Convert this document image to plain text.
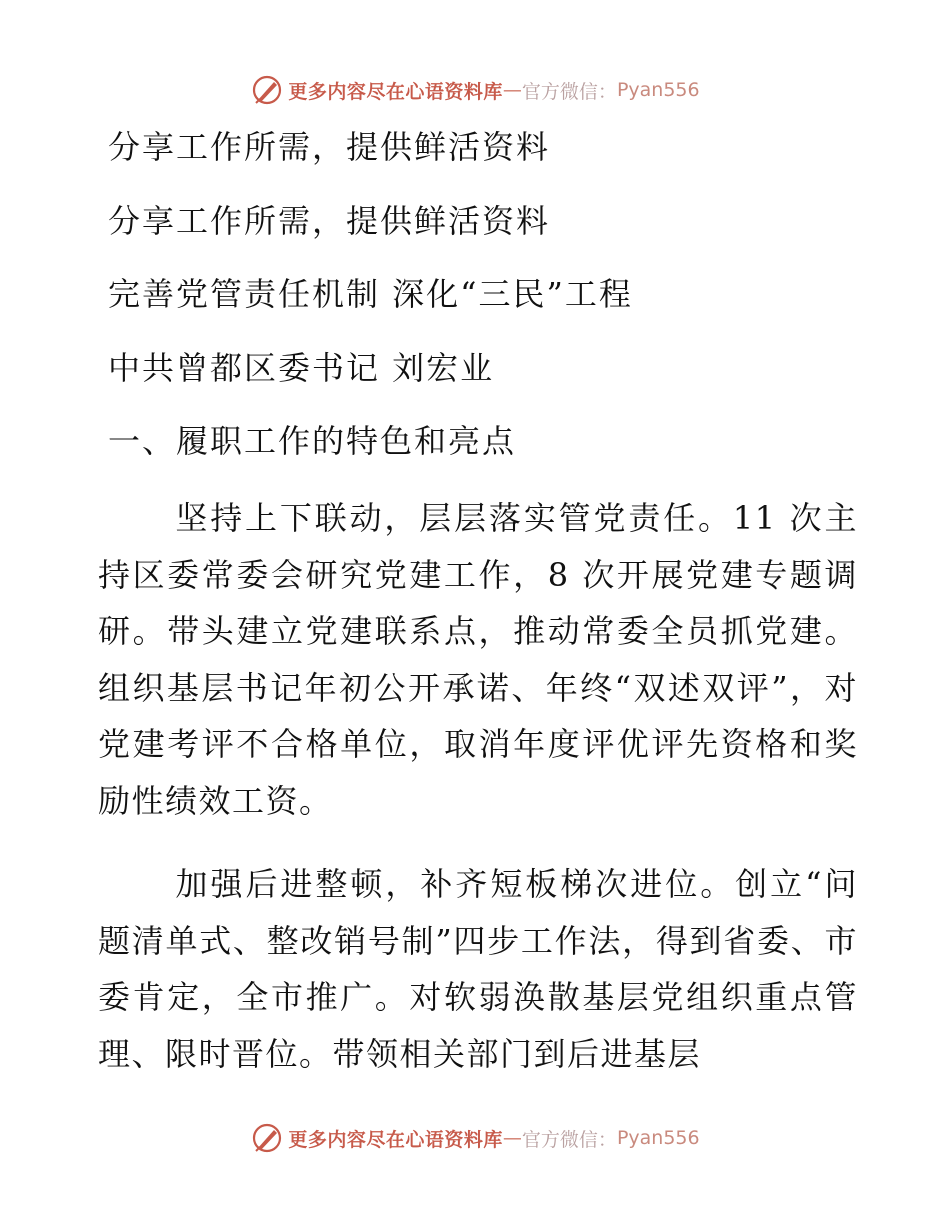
更多内容尽在心语资料库 — 官方微信： Pyan556
分享工作所需，提供鲜活资料
分享工作所需，提供鲜活资料
完善党管责任机制 深化“三民”工程
中共曾都区委书记 刘宏业
一、履职工作的特色和亮点

坚持上下联动，层层落实管党责任。11 次主持区委常委会研究党建工作，8 次开展党建专题调研。带头建立党建联系点，推动常委全员抓党建。组织基层书记年初公开承诺、年终“双述双评”，对党建考评不合格单位，取消年度评优评先资格和奖励性绩效工资。

加强后进整顿，补齐短板梯次进位。创立“问题清单式、整改销号制”四步工作法，得到省委、市委肯定，全市推广。对软弱涣散基层党组织重点管理、限时晋位。带领相关部门到后进基层

更多内容尽在心语资料库 — 官方微信： Pyan556
